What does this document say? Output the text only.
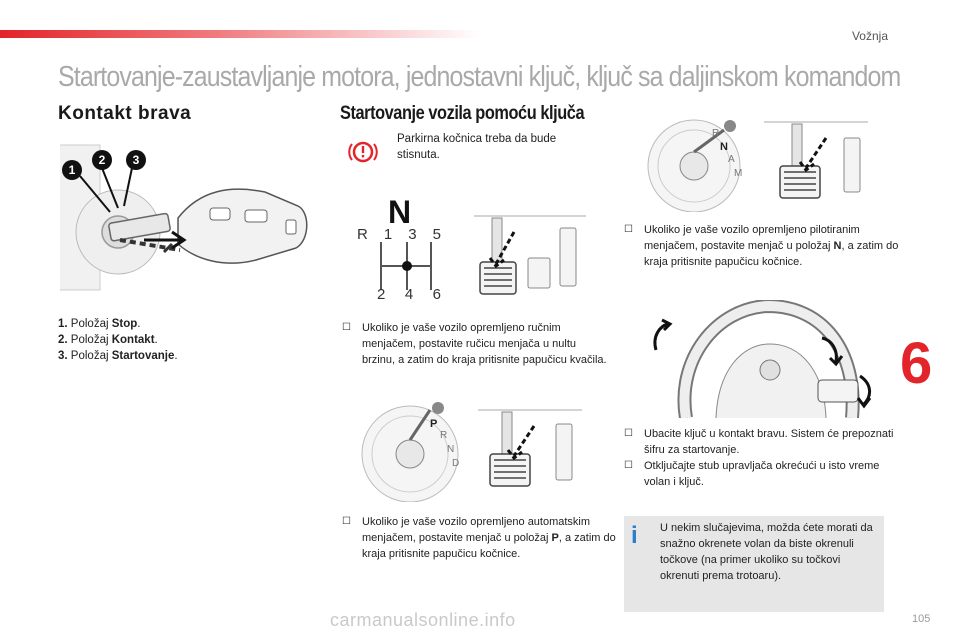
Vožnja
Startovanje-zaustavljanje motora, jednostavni ključ, ključ sa daljinskom komandom
Kontakt brava
1
2	3
1. Položaj Stop.
2. Položaj Kontakt.
3. Položaj Startovanje.
Startovanje vozila pomoću ključa
Parkirna kočnica treba da bude stisnuta.
N
R 1 3 5
2 4 6
☐ Ukoliko je vaše vozilo opremljeno ručnim menjačem, postavite ručicu menjača u nultu brzinu, a zatim do kraja pritisnite papučicu kvačila.
P
R
N
D
☐ Ukoliko je vaše vozilo opremljeno automatskim menjačem, postavite menjač u položaj P, a zatim do kraja pritisnite papučicu kočnice.
R
N
A
M
☐ Ukoliko je vaše vozilo opremljeno pilotiranim menjačem, postavite menjač u položaj N, a zatim do kraja pritisnite papučicu kočnice.
☐ Ubacite ključ u kontakt bravu. Sistem će prepoznati šifru za startovanje.
☐ Otključajte stub upravljača okrećući u isto vreme volan i ključ.
i U nekim slučajevima, možda ćete morati da snažno okrenete volan da biste okrenuli točkove (na primer ukoliko su točkovi okrenuti prema trotoaru).
6
carmanualsonline.info	105
